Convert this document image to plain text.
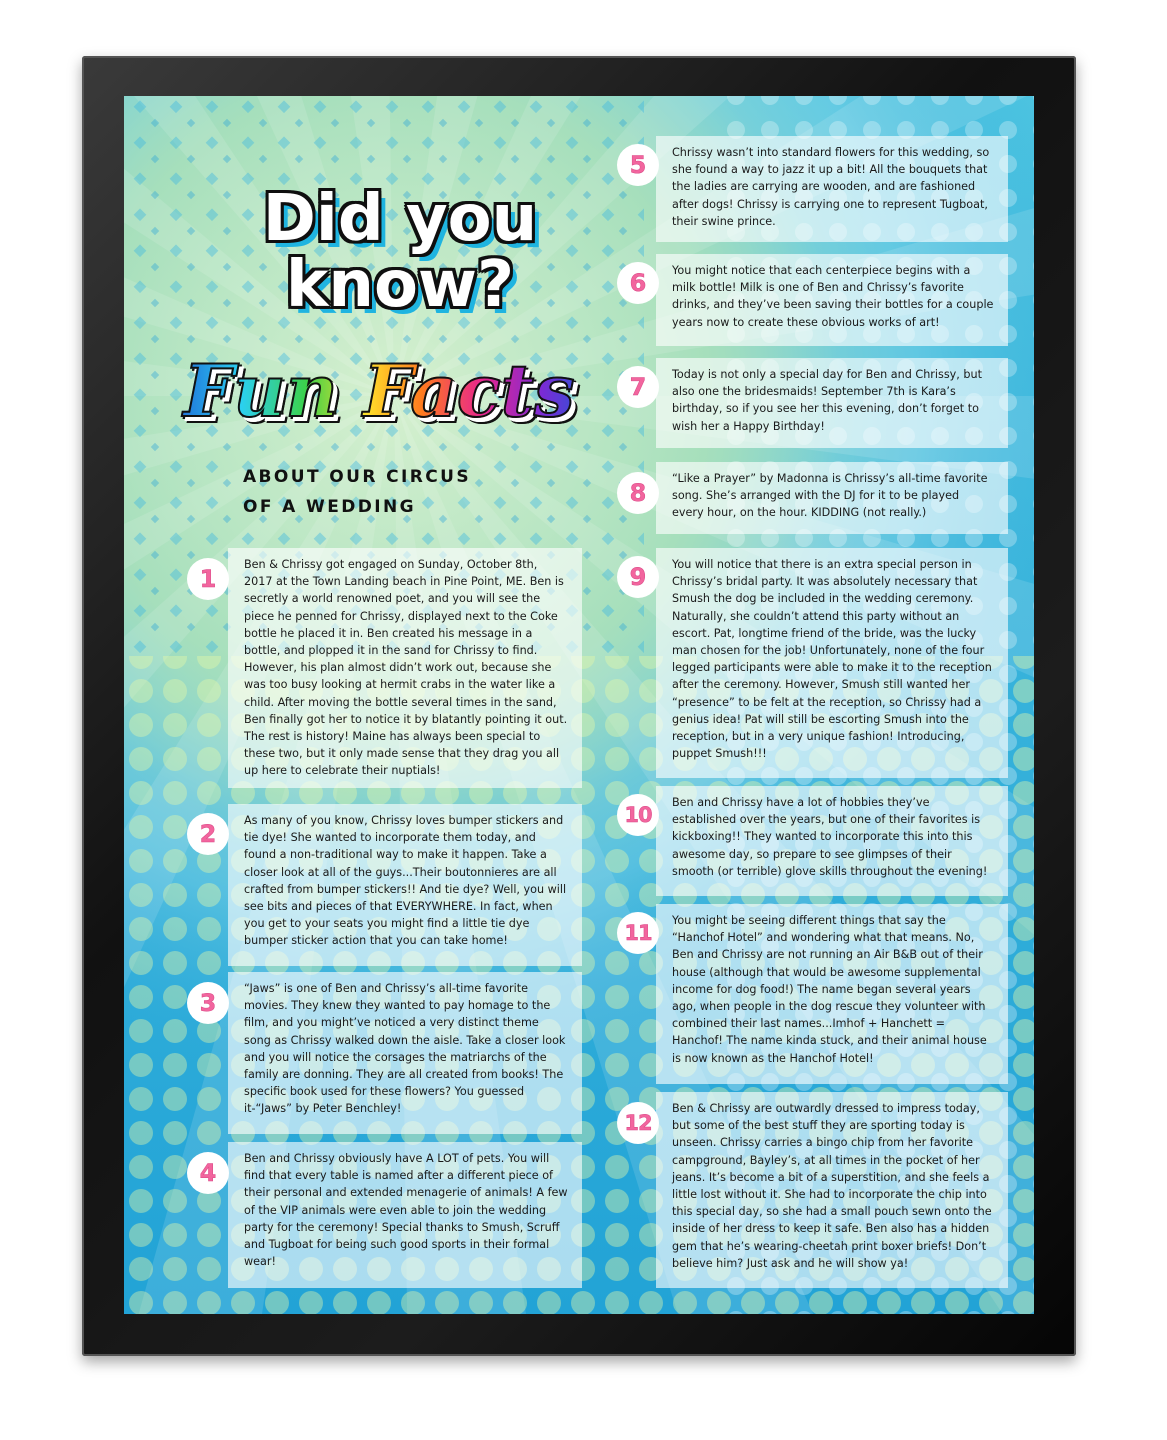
Did you
know?
Fun Facts
ABOUT OUR CIRCUS
OF A WEDDING
1
Ben & Chrissy got engaged on Sunday, October 8th, 2017 at the Town Landing beach in Pine Point, ME. Ben is secretly a world renowned poet, and you will see the piece he penned for Chrissy, displayed next to the Coke bottle he placed it in. Ben created his message in a bottle, and plopped it in the sand for Chrissy to find. However, his plan almost didn’t work out, because she was too busy looking at hermit crabs in the water like a child. After moving the bottle several times in the sand, Ben finally got her to notice it by blatantly pointing it out. The rest is history! Maine has always been special to these two, but it only made sense that they drag you all up here to celebrate their nuptials!
2	As many of you know, Chrissy loves bumper stickers and tie dye! She wanted to incorporate them today, and found a non-traditional way to make it happen. Take a closer look at all of the guys...Their boutonnieres are all crafted from bumper stickers!! And tie dye? Well, you will see bits and pieces of that EVERYWHERE. In fact, when you get to your seats you might find a little tie dye bumper sticker action that you can take home!
3
“Jaws” is one of Ben and Chrissy’s all-time favorite movies. They knew they wanted to pay homage to the film, and you might’ve noticed a very distinct theme song as Chrissy walked down the aisle. Take a closer look and you will notice the corsages the matriarchs of the family are donning. They are all created from books! The specific book used for these flowers? You guessed it-“Jaws” by Peter Benchley!
4
Ben and Chrissy obviously have A LOT of pets. You will find that every table is named after a different piece of their personal and extended menagerie of animals! A few of the VIP animals were even able to join the wedding party for the ceremony! Special thanks to Smush, Scruff and Tugboat for being such good sports in their formal wear!
5	Chrissy wasn’t into standard flowers for this wedding, so she found a way to jazz it up a bit! All the bouquets that the ladies are carrying are wooden, and are fashioned after dogs! Chrissy is carrying one to represent Tugboat, their swine prince.
6	You might notice that each centerpiece begins with a milk bottle! Milk is one of Ben and Chrissy’s favorite drinks, and they’ve been saving their bottles for a couple years now to create these obvious works of art!
7	Today is not only a special day for Ben and Chrissy, but also one the bridesmaids! September 7th is Kara’s birthday, so if you see her this evening, don’t forget to wish her a Happy Birthday!
8
“Like a Prayer” by Madonna is Chrissy’s all-time favorite song. She’s arranged with the DJ for it to be played every hour, on the hour. KIDDING (not really.)
9	You will notice that there is an extra special person in Chrissy’s bridal party. It was absolutely necessary that Smush the dog be included in the wedding ceremony. Naturally, she couldn’t attend this party without an escort. Pat, longtime friend of the bride, was the lucky man chosen for the job! Unfortunately, none of the four legged participants were able to make it to the reception after the ceremony. However, Smush still wanted her “presence” to be felt at the reception, so Chrissy had a genius idea! Pat will still be escorting Smush into the reception, but in a very unique fashion! Introducing, puppet Smush!!!
10
Ben and Chrissy have a lot of hobbies they’ve established over the years, but one of their favorites is kickboxing!! They wanted to incorporate this into this awesome day, so prepare to see glimpses of their smooth (or terrible) glove skills throughout the evening!
11
You might be seeing different things that say the “Hanchof Hotel” and wondering what that means. No, Ben and Chrissy are not running an Air B&B out of their house (although that would be awesome supplemental income for dog food!) The name began several years ago, when people in the dog rescue they volunteer with combined their last names...Imhof + Hanchett = Hanchof! The name kinda stuck, and their animal house is now known as the Hanchof Hotel!
12
Ben & Chrissy are outwardly dressed to impress today, but some of the best stuff they are sporting today is unseen. Chrissy carries a bingo chip from her favorite campground, Bayley’s, at all times in the pocket of her jeans. It’s become a bit of a superstition, and she feels a little lost without it. She had to incorporate the chip into this special day, so she had a small pouch sewn onto the inside of her dress to keep it safe. Ben also has a hidden gem that he’s wearing-cheetah print boxer briefs! Don’t believe him? Just ask and he will show ya!
